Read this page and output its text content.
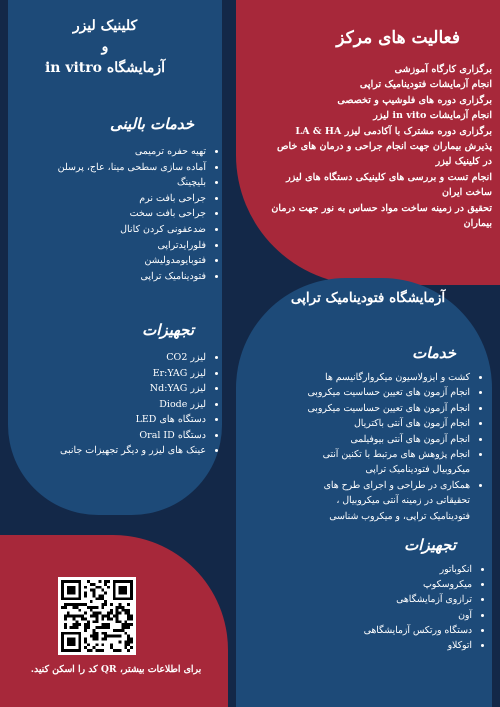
کلینیک لیزر
و
آزمایشگاه in vitro
خدمات بالینی
• تهیه حفره ترمیمی
• آماده سازی سطحی مینا، عاج، پرسلن
• بلیچینگ
• جراحی بافت نرم
• جراحی بافت سخت
• ضدعفونی کردن کانال
• فلورایدتراپی
• فتوبایومدولیشن
• فتودینامیک تراپی
تجهیزات
• لیزر CO2
• لیزر Er:YAG
• لیزر Nd:YAG
• لیزر Diode
• دستگاه های LED
• دستگاه Oral ID
• عینک های لیزر و دیگر تجهیزات جانبی
فعالیت های مرکز
• برگزاری کارگاه آموزشی
• انجام آزمایشات فتودینامیک تراپی
• برگزاری دوره های فلوشیپ و تخصصی
• انجام آزمایشات in vito لیزر
• برگزاری دوره مشترک با آکادمی لیزر LA & HA
• پذیرش بیماران جهت انجام جراحی و درمان های خاص در کلینیک لیزر
• انجام تست و بررسی های کلینیکی دستگاه های لیزر ساخت ایران
• تحقیق در زمینه ساخت مواد حساس به نور جهت درمان بیماران
آزمایشگاه فتودینامیک تراپی
خدمات
• کشت و ایزولاسیون میکروارگانیسم ها
• انجام آزمون های تعیین حساسیت میکروبی
• انجام آزمون های تعیین حساسیت میکروبی
• انجام آزمون های آنتی باکتریال
• انجام آزمون های آنتی بیوفیلمی
• انجام پژوهش های مرتبط با تکنین آنتی میکروبیال فتودینامیک تراپی
• همکاری در طراحی و اجرای طرح های تحقیقاتی در زمینه آنتی میکروبیال ، فتودینامیک تراپی، و میکروب شناسی
تجهیزات
• انکوباتور
• میکروسکوپ
• ترازوی آزمایشگاهی
• آون
• دستگاه ورتکس آزمایشگاهی
• اتوکلاو
برای اطلاعات بیشتر، QR کد را اسکن کنید.
